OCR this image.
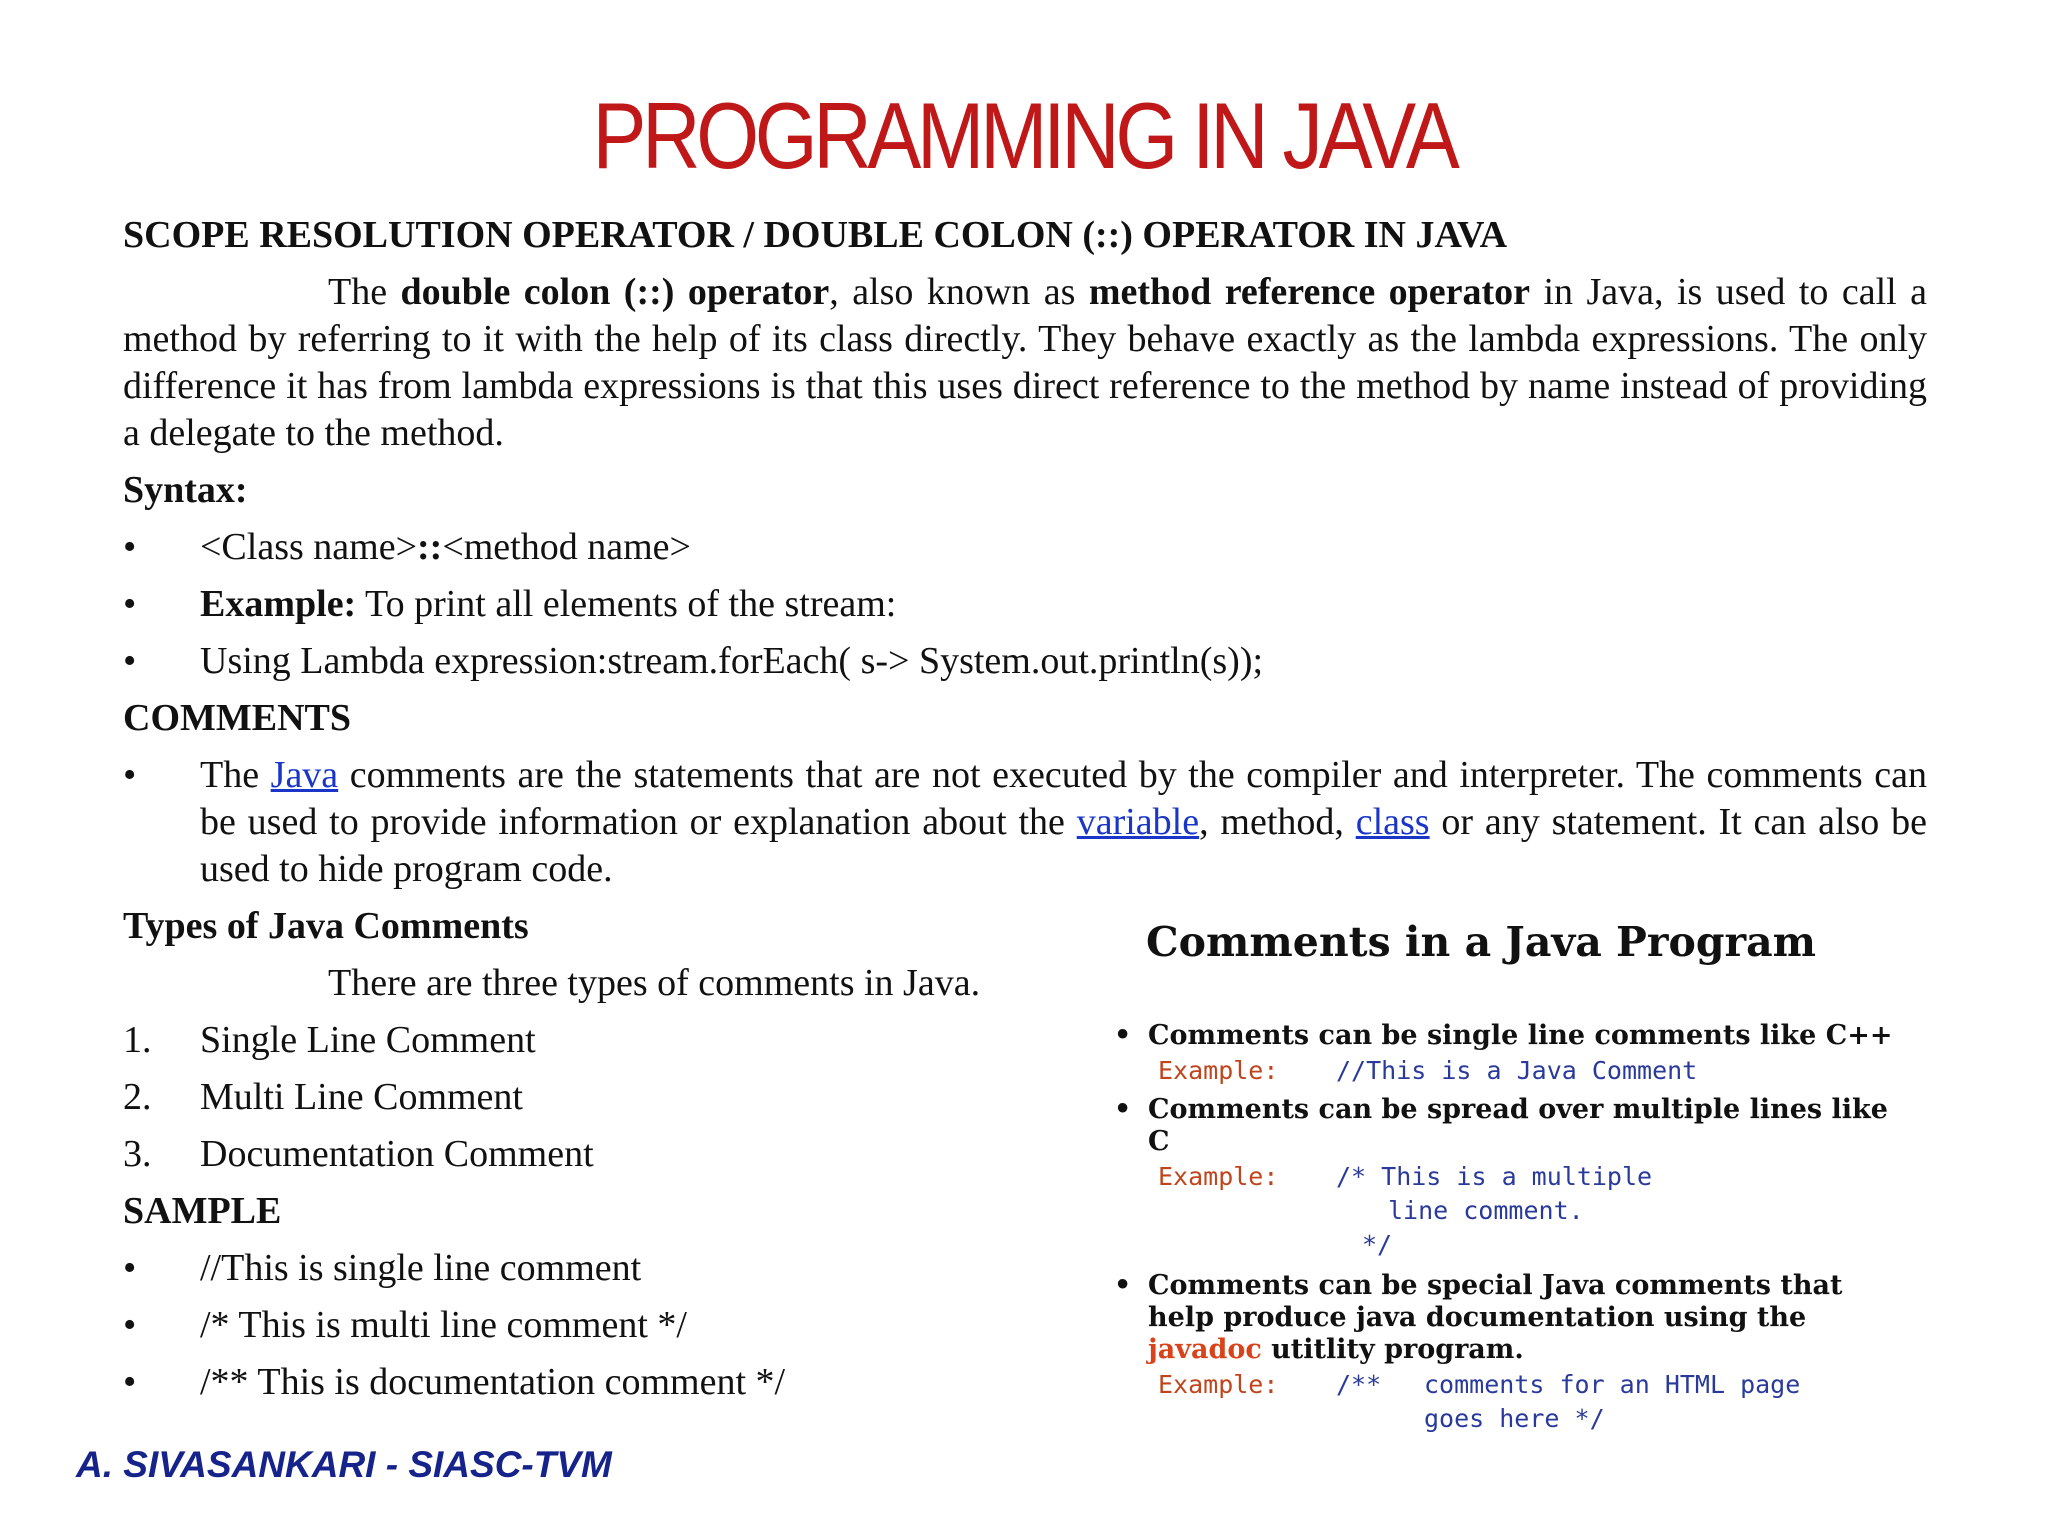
PROGRAMMING IN JAVA

SCOPE RESOLUTION OPERATOR / DOUBLE COLON (::) OPERATOR IN JAVA

The double colon (::) operator, also known as method reference operator in Java, is used to call a method by referring to it with the help of its class directly. They behave exactly as the lambda expressions. The only difference it has from lambda expressions is that this uses direct reference to the method by name instead of providing a delegate to the method.

Syntax:

• <Class name>::<method name>
• Example: To print all elements of the stream:
• Using Lambda expression:stream.forEach( s-> System.out.println(s));

COMMENTS

• The Java comments are the statements that are not executed by the compiler and interpreter. The comments can be used to provide information or explanation about the variable, method, class or any statement. It can also be used to hide program code.

Types of Java Comments

There are three types of comments in Java.

1. Single Line Comment
2. Multi Line Comment
3. Documentation Comment

SAMPLE

• //This is single line comment
• /* This is multi line comment */
• /** This is documentation comment */
Comments in a Java Program
• Comments can be single line comments like C++
Example: //This is a Java Comment
• Comments can be spread over multiple lines like C
Example: /* This is a multiple
line comment.
*/
• Comments can be special Java comments that help produce java documentation using the javadoc utitlity program.
Example: /** comments for an HTML page
goes here */
A. SIVASANKARI - SIASC-TVM
